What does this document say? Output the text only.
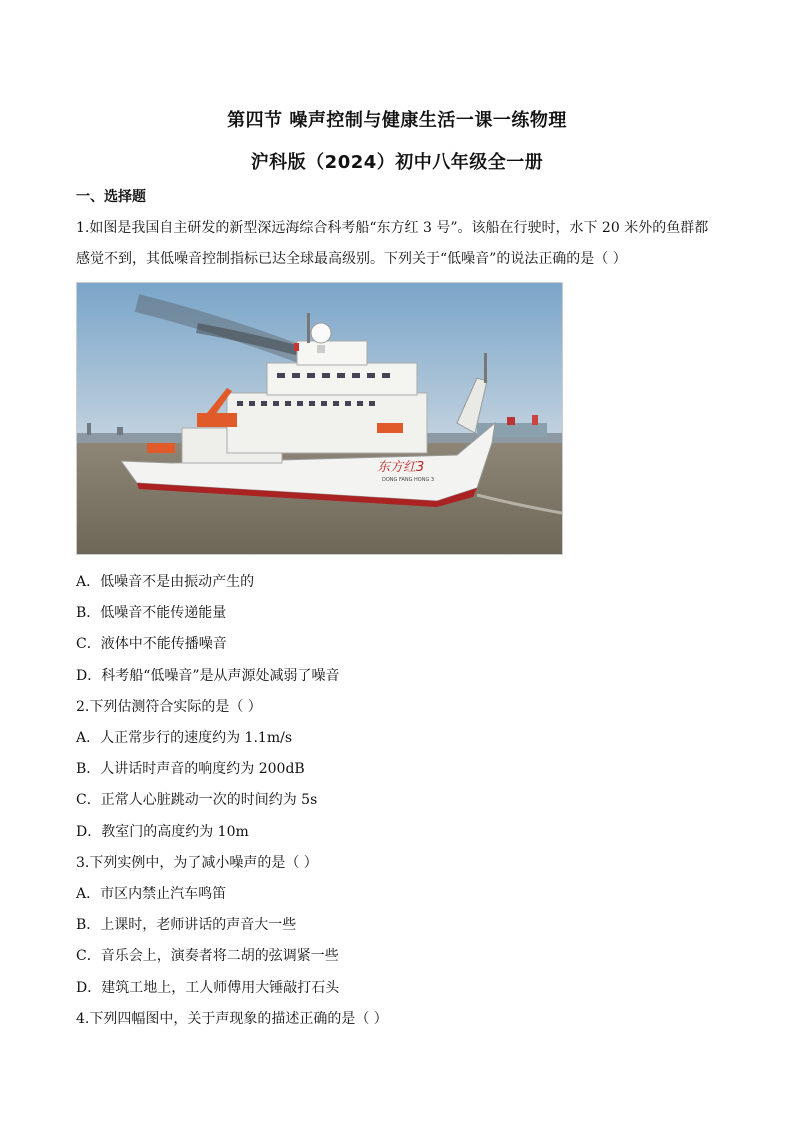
第四节 噪声控制与健康生活一课一练物理
沪科版（2024）初中八年级全一册
一、选择题
1.如图是我国自主研发的新型深远海综合科考船“东方红 3 号”。该船在行驶时，水下 20 米外的鱼群都
感觉不到，其低噪音控制指标已达全球最高级别。下列关于“低噪音”的说法正确的是（ ）
东方红3
DONG FANG HONG 3
A．低噪音不是由振动产生的
B．低噪音不能传递能量
C．液体中不能传播噪音
D．科考船“低噪音”是从声源处减弱了噪音
2.下列估测符合实际的是（ ）
A．人正常步行的速度约为 1.1m/s
B．人讲话时声音的响度约为 200dB
C．正常人心脏跳动一次的时间约为 5s
D．教室门的高度约为 10m
3.下列实例中，为了减小噪声的是（ ）
A．市区内禁止汽车鸣笛
B．上课时，老师讲话的声音大一些
C．音乐会上，演奏者将二胡的弦调紧一些
D．建筑工地上，工人师傅用大锤敲打石头
4.下列四幅图中，关于声现象的描述正确的是（ ）
